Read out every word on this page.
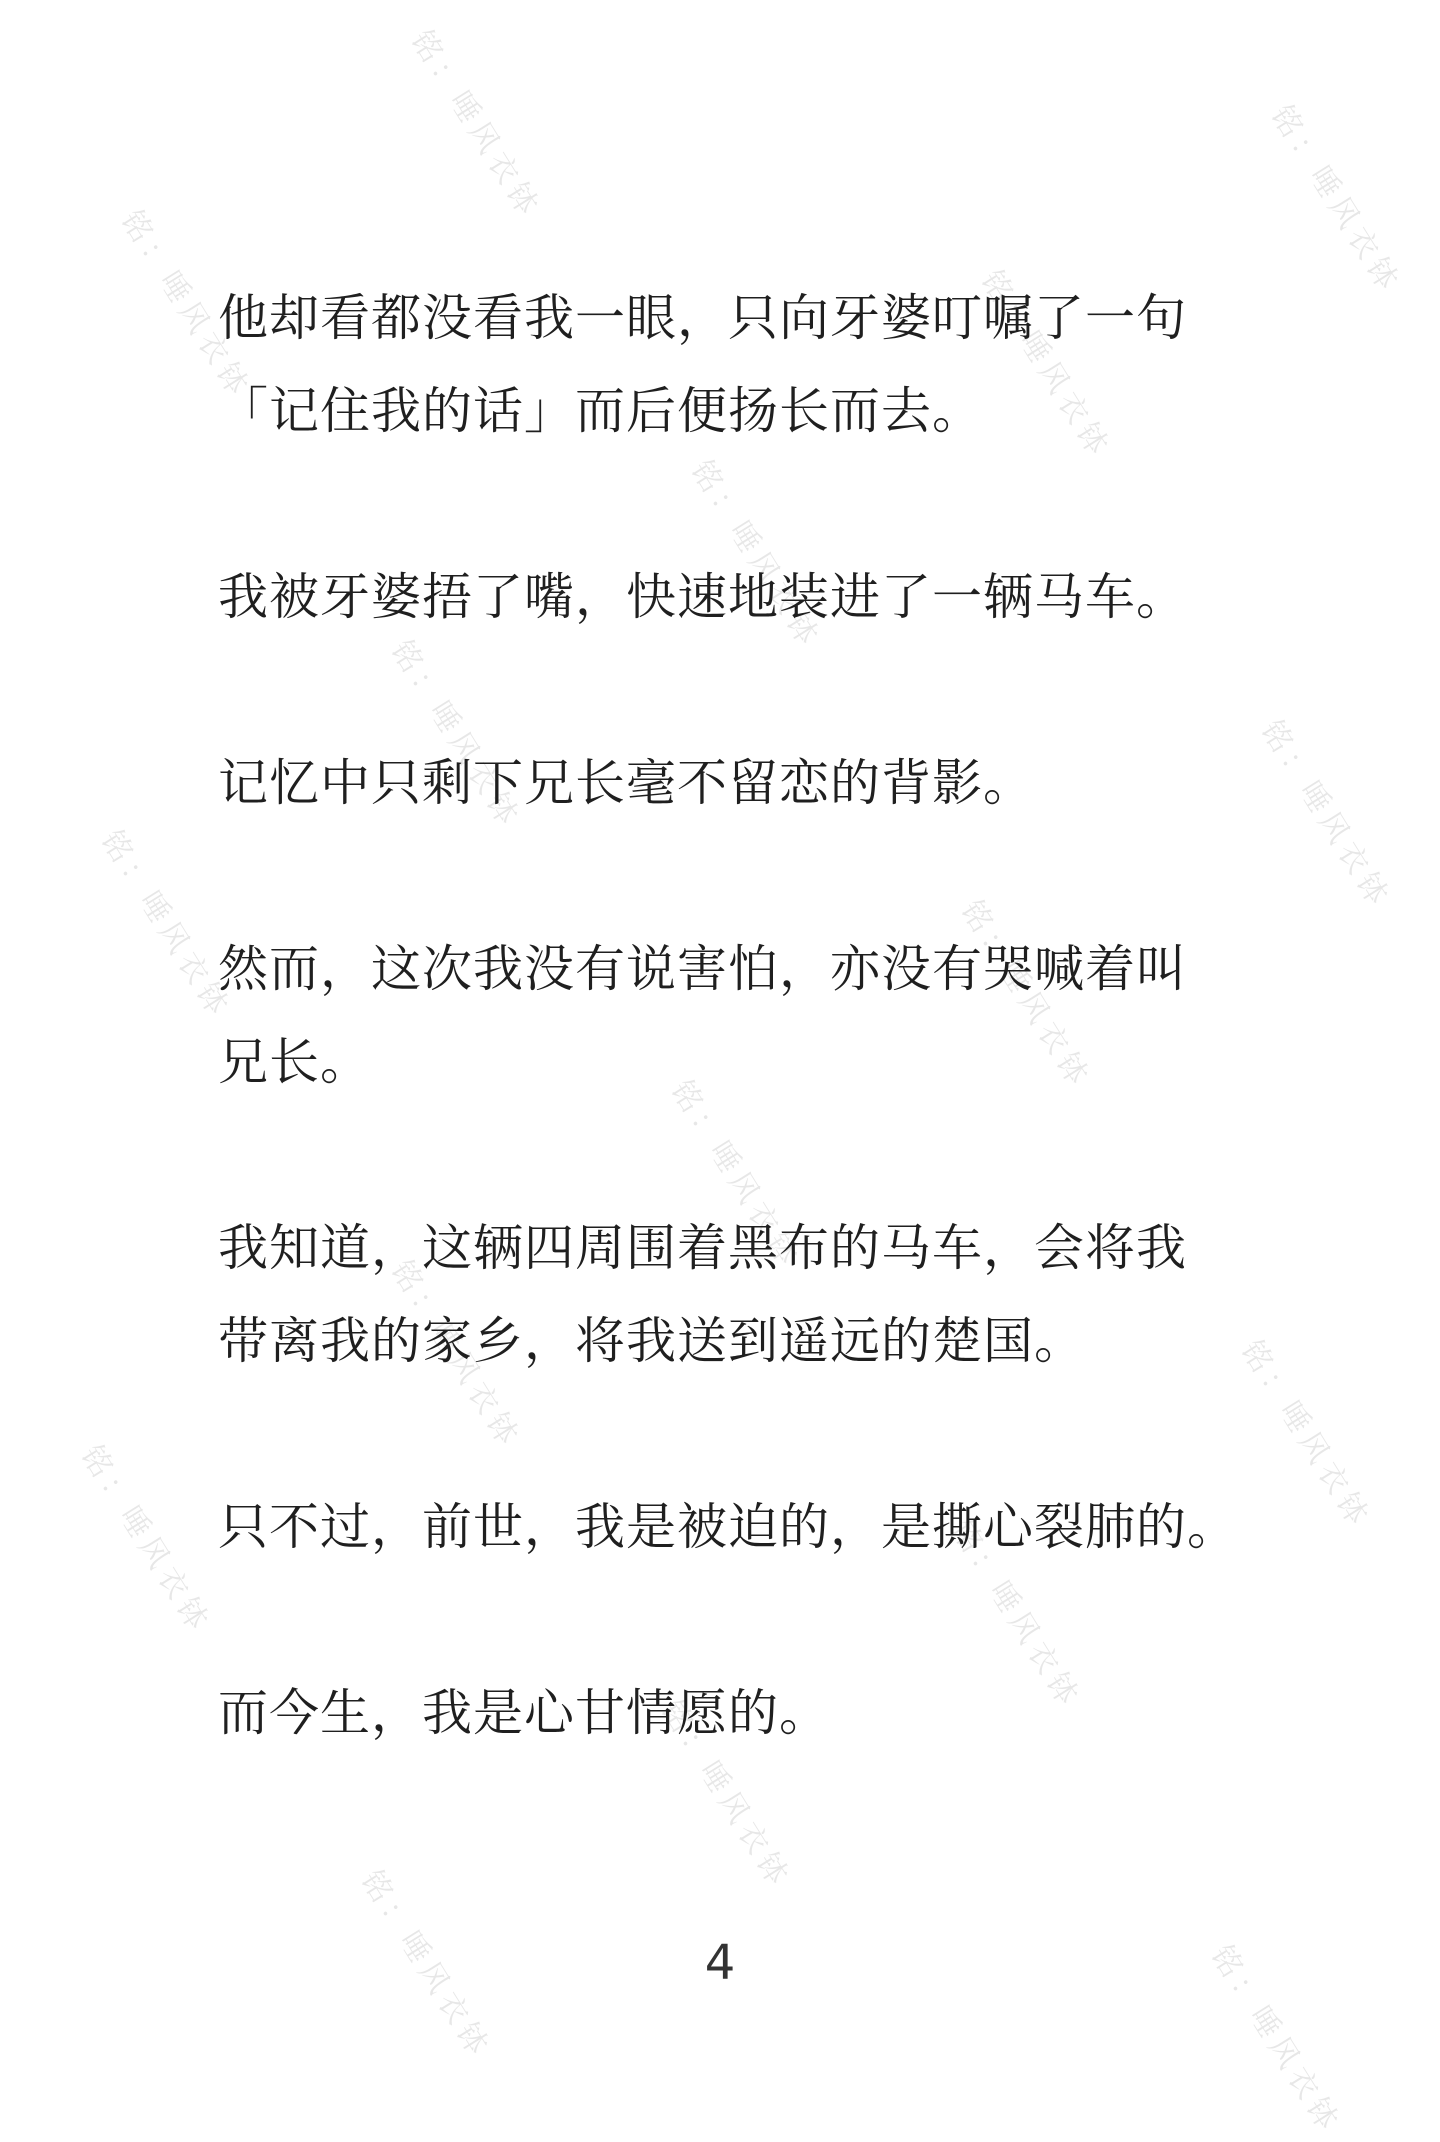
铭：唾风衣钵	铭：唾风衣钵
铭：唾风衣钵	铭：唾风衣钵
铭：唾风衣钵
铭：唾风衣钵	铭：唾风衣钵
铭：唾风衣钵	铭：唾风衣钵
铭：唾风衣钵
铭：唾风衣钵	铭：唾风衣钵
铭：唾风衣钵	铭：唾风衣钵
铭：唾风衣钵
铭：唾风衣钵	铭：唾风衣钵
他却看都没看我一眼，只向牙婆叮嘱了一句
「记住我的话」而后便扬长而去。
我被牙婆捂了嘴，快速地装进了一辆马车。
记忆中只剩下兄长毫不留恋的背影。
然而，这次我没有说害怕，亦没有哭喊着叫
兄长。
我知道，这辆四周围着黑布的马车，会将我
带离我的家乡，将我送到遥远的楚国。
只不过，前世，我是被迫的，是撕心裂肺的。
而今生，我是心甘情愿的。
4
